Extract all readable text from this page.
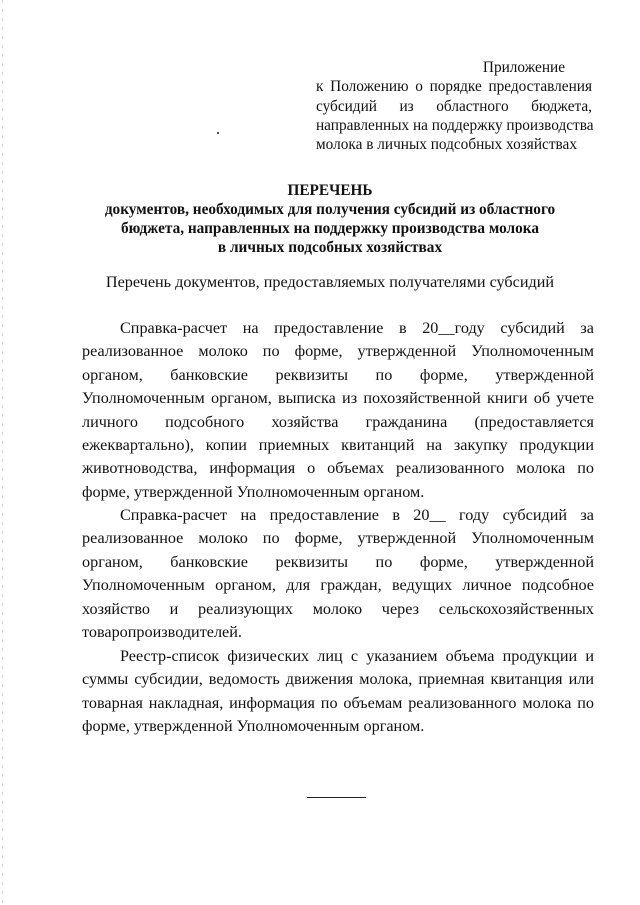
Приложение
к Положению о порядке предоставления
субсидий из областного бюджета,
направленных на поддержку производства
молока в личных подсобных хозяйствах
ПЕРЕЧЕНЬ
документов, необходимых для получения субсидий из областного
бюджета, направленных на поддержку производства молока
в личных подсобных хозяйствах
Перечень документов, предоставляемых получателями субсидий
Справка-расчет на предоставление в 20__году субсидий за
реализованное молоко по форме, утвержденной Уполномоченным
органом, банковские реквизиты по форме, утвержденной
Уполномоченным органом, выписка из похозяйственной книги об учете
личного подсобного хозяйства гражданина (предоставляется
ежеквартально), копии приемных квитанций на закупку продукции
животноводства, информация о объемах реализованного молока по
форме, утвержденной Уполномоченным органом.
Справка-расчет на предоставление в 20__ году субсидий за
реализованное молоко по форме, утвержденной Уполномоченным
органом, банковские реквизиты по форме, утвержденной
Уполномоченным органом, для граждан, ведущих личное подсобное
хозяйство и реализующих молоко через сельскохозяйственных
товаропроизводителей.
Реестр-список физических лиц с указанием объема продукции и
суммы субсидии, ведомость движения молока, приемная квитанция или
товарная накладная, информация по объемам реализованного молока по
форме, утвержденной Уполномоченным органом.
